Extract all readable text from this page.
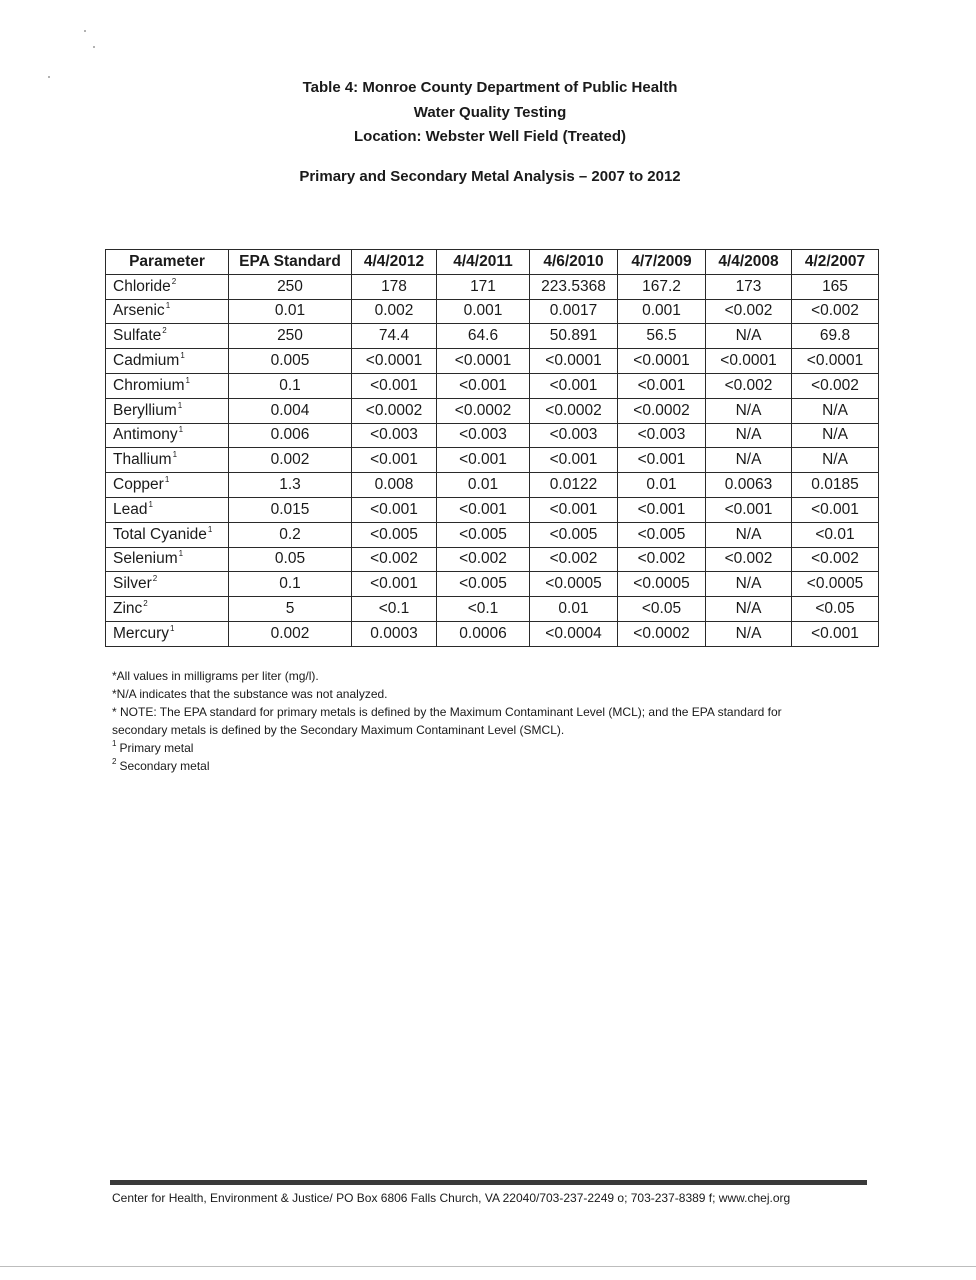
Table 4: Monroe County Department of Public Health
Water Quality Testing
Location: Webster Well Field (Treated)
Primary and Secondary Metal Analysis – 2007 to 2012
Parameter	EPA Standard	4/4/2012	4/4/2011	4/6/2010	4/7/2009	4/4/2008	4/2/2007
Chloride$^2$	250	178	171	223.5368	167.2	173	165
Arsenic$^1$	0.01	0.002	0.001	0.0017	0.001	<0.002	<0.002
Sulfate$^2$	250	74.4	64.6	50.891	56.5	N/A	69.8
Cadmium$^1$	0.005	<0.0001	<0.0001	<0.0001	<0.0001	<0.0001	<0.0001
Chromium$^1$	0.1	<0.001	<0.001	<0.001	<0.001	<0.002	<0.002
Beryllium$^1$	0.004	<0.0002	<0.0002	<0.0002	<0.0002	N/A	N/A
Antimony$^1$	0.006	<0.003	<0.003	<0.003	<0.003	N/A	N/A
Thallium$^1$	0.002	<0.001	<0.001	<0.001	<0.001	N/A	N/A
Copper$^1$	1.3	0.008	0.01	0.0122	0.01	0.0063	0.0185
Lead$^1$	0.015	<0.001	<0.001	<0.001	<0.001	<0.001	<0.001
Total Cyanide$^1$	0.2	<0.005	<0.005	<0.005	<0.005	N/A	<0.01
Selenium$^1$	0.05	<0.002	<0.002	<0.002	<0.002	<0.002	<0.002
Silver$^2$	0.1	<0.001	<0.005	<0.0005	<0.0005	N/A	<0.0005
Zinc$^2$	5	<0.1	<0.1	0.01	<0.05	N/A	<0.05
Mercury$^1$	0.002	0.0003	0.0006	<0.0004	<0.0002	N/A	<0.001
*All values in milligrams per liter (mg/l).
*N/A indicates that the substance was not analyzed.
* NOTE: The EPA standard for primary metals is defined by the Maximum Contaminant Level (MCL); and the EPA standard for
secondary metals is defined by the Secondary Maximum Contaminant Level (SMCL).
$^1$ Primary metal
$^2$ Secondary metal
Center for Health, Environment & Justice/ PO Box 6806 Falls Church, VA 22040/703-237-2249 o; 703-237-8389 f; www.chej.org
